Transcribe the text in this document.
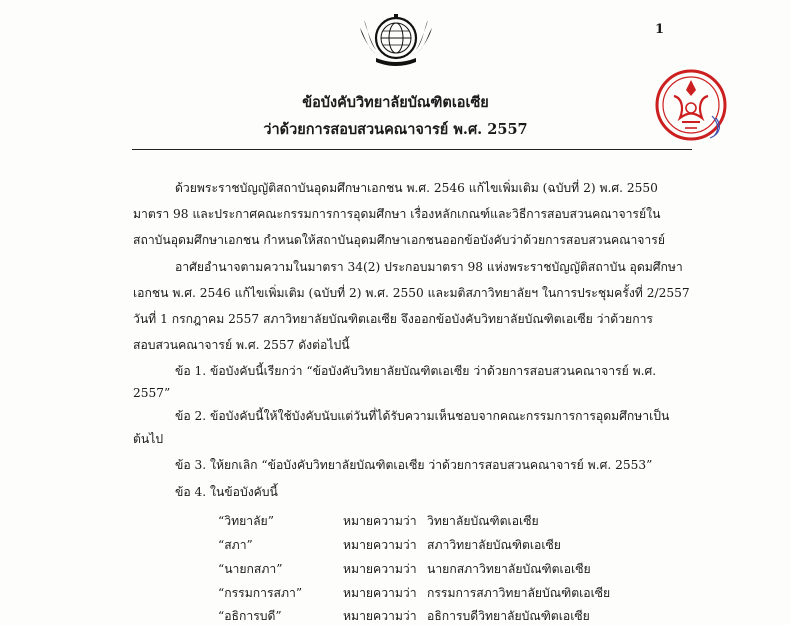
1
ข้อบังคับวิทยาลัยบัณฑิตเอเซีย
ว่าด้วยการสอบสวนคณาจารย์ พ.ศ. 2557
ด้วยพระราชบัญญัติสถาบันอุดมศึกษาเอกชน พ.ศ. 2546 แก้ไขเพิ่มเติม (ฉบับที่ 2) พ.ศ. 2550
มาตรา 98 และประกาศคณะกรรมการการอุดมศึกษา เรื่องหลักเกณฑ์และวิธีการสอบสวนคณาจารย์ใน
สถาบันอุดมศึกษาเอกชน กำหนดให้สถาบันอุดมศึกษาเอกชนออกข้อบังคับว่าด้วยการสอบสวนคณาจารย์
อาศัยอำนาจตามความในมาตรา 34(2) ประกอบมาตรา 98 แห่งพระราชบัญญัติสถาบัน อุดมศึกษา
เอกชน พ.ศ. 2546 แก้ไขเพิ่มเติม (ฉบับที่ 2) พ.ศ. 2550 และมติสภาวิทยาลัยฯ ในการประชุมครั้งที่ 2/2557
วันที่ 1 กรกฎาคม 2557 สภาวิทยาลัยบัณฑิตเอเซีย จึงออกข้อบังคับวิทยาลัยบัณฑิตเอเซีย ว่าด้วยการ
สอบสวนคณาจารย์ พ.ศ. 2557 ดังต่อไปนี้
ข้อ 1. ข้อบังคับนี้เรียกว่า “ข้อบังคับวิทยาลัยบัณฑิตเอเซีย ว่าด้วยการสอบสวนคณาจารย์ พ.ศ.
2557”
ข้อ 2. ข้อบังคับนี้ให้ใช้บังคับนับแต่วันที่ได้รับความเห็นชอบจากคณะกรรมการการอุดมศึกษาเป็น
ต้นไป
ข้อ 3. ให้ยกเลิก “ข้อบังคับวิทยาลัยบัณฑิตเอเซีย ว่าด้วยการสอบสวนคณาจารย์ พ.ศ. 2553”
ข้อ 4. ในข้อบังคับนี้
“วิทยาลัย”	หมายความว่า วิทยาลัยบัณฑิตเอเซีย
“สภา”	หมายความว่า สภาวิทยาลัยบัณฑิตเอเซีย
“นายกสภา”	หมายความว่า นายกสภาวิทยาลัยบัณฑิตเอเซีย
“กรรมการสภา”	หมายความว่า กรรมการสภาวิทยาลัยบัณฑิตเอเซีย
“อธิการบดี”	หมายความว่า อธิการบดีวิทยาลัยบัณฑิตเอเซีย
